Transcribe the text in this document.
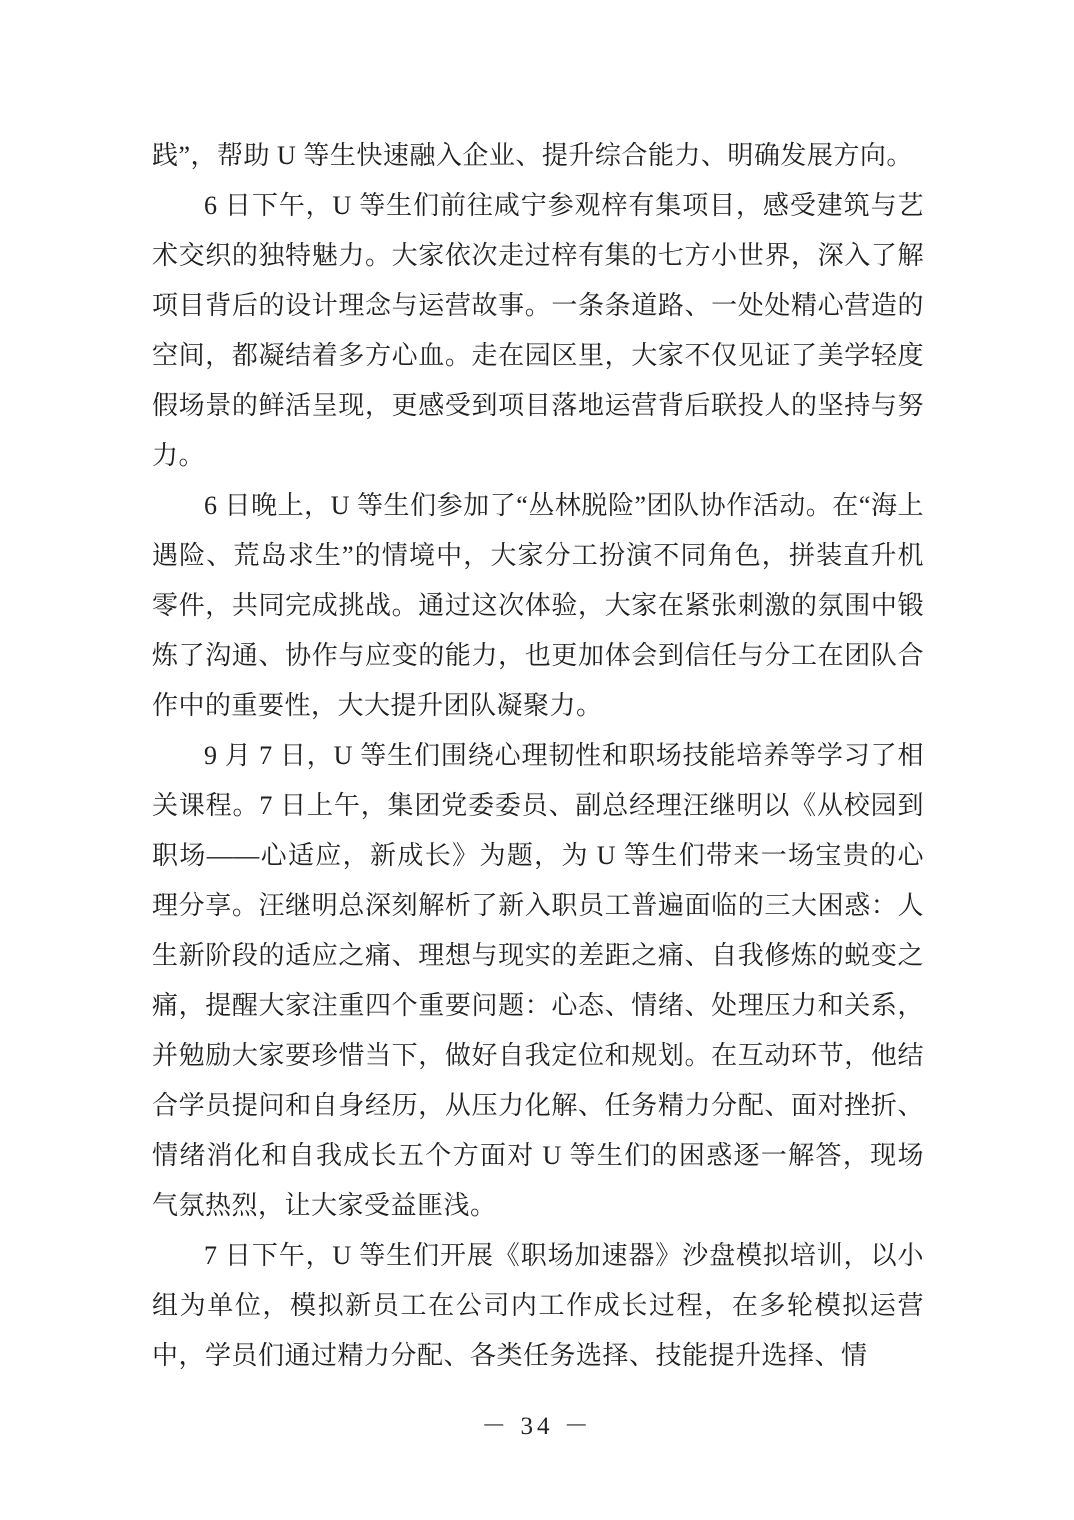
践”，帮助 U 等生快速融入企业、提升综合能力、明确发展方向。

6 日下午，U 等生们前往咸宁参观梓有集项目，感受建筑与艺术交织的独特魅力。大家依次走过梓有集的七方小世界，深入了解项目背后的设计理念与运营故事。一条条道路、一处处精心营造的空间，都凝结着多方心血。走在园区里，大家不仅见证了美学轻度假场景的鲜活呈现，更感受到项目落地运营背后联投人的坚持与努力。

6 日晚上，U 等生们参加了“丛林脱险”团队协作活动。在“海上遇险、荒岛求生”的情境中，大家分工扮演不同角色，拼装直升机零件，共同完成挑战。通过这次体验，大家在紧张刺激的氛围中锻炼了沟通、协作与应变的能力，也更加体会到信任与分工在团队合作中的重要性，大大提升团队凝聚力。

9 月 7 日，U 等生们围绕心理韧性和职场技能培养等学习了相关课程。7 日上午，集团党委委员、副总经理汪继明以《从校园到职场——心适应，新成长》为题，为 U 等生们带来一场宝贵的心理分享。汪继明总深刻解析了新入职员工普遍面临的三大困惑：人生新阶段的适应之痛、理想与现实的差距之痛、自我修炼的蜕变之痛，提醒大家注重四个重要问题：心态、情绪、处理压力和关系，并勉励大家要珍惜当下，做好自我定位和规划。在互动环节，他结合学员提问和自身经历，从压力化解、任务精力分配、面对挫折、情绪消化和自我成长五个方面对 U 等生们的困惑逐一解答，现场气氛热烈，让大家受益匪浅。

7 日下午，U 等生们开展《职场加速器》沙盘模拟培训，以小组为单位，模拟新员工在公司内工作成长过程，在多轮模拟运营中，学员们通过精力分配、各类任务选择、技能提升选择、情

－ 34 －
